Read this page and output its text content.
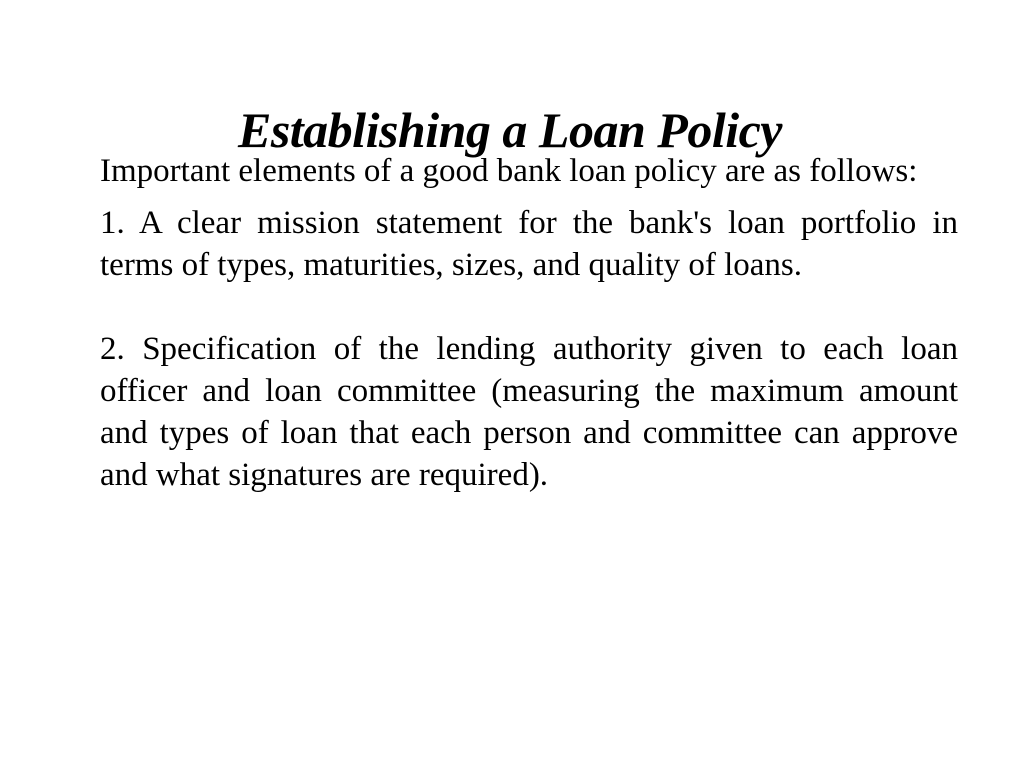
Establishing a Loan Policy

Important elements of a good bank loan policy are as follows:

1. A clear mission statement for the bank's loan portfolio in terms of types, maturities, sizes, and quality of loans.

2. Specification of the lending authority given to each loan officer and loan committee (measuring the maximum amount and types of loan that each person and committee can approve and what signatures are required).
